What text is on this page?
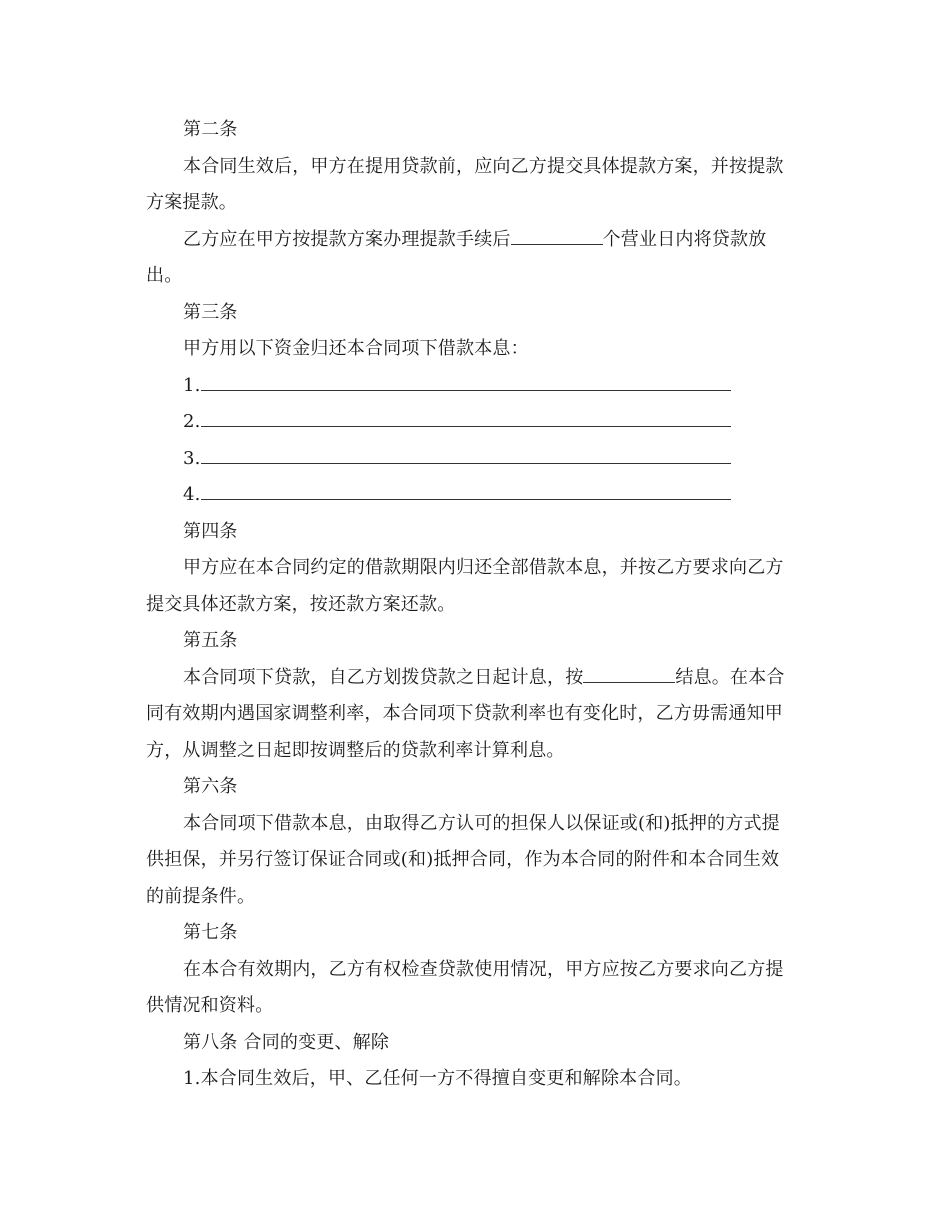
第二条
本合同生效后，甲方在提用贷款前，应向乙方提交具体提款方案，并按提款
方案提款。
乙方应在甲方按提款方案办理提款手续后	个营业日内将贷款放
出。
第三条
甲方用以下资金归还本合同项下借款本息：
1.
2.
3.
4.
第四条
甲方应在本合同约定的借款期限内归还全部借款本息，并按乙方要求向乙方
提交具体还款方案，按还款方案还款。
第五条
本合同项下贷款，自乙方划拨贷款之日起计息，按	结息。在本合
同有效期内遇国家调整利率，本合同项下贷款利率也有变化时，乙方毋需通知甲
方，从调整之日起即按调整后的贷款利率计算利息。
第六条
本合同项下借款本息，由取得乙方认可的担保人以保证或(和)抵押的方式提
供担保，并另行签订保证合同或(和)抵押合同，作为本合同的附件和本合同生效
的前提条件。
第七条
在本合有效期内，乙方有权检查贷款使用情况，甲方应按乙方要求向乙方提
供情况和资料。
第八条 合同的变更、解除
1.本合同生效后，甲、乙任何一方不得擅自变更和解除本合同。
